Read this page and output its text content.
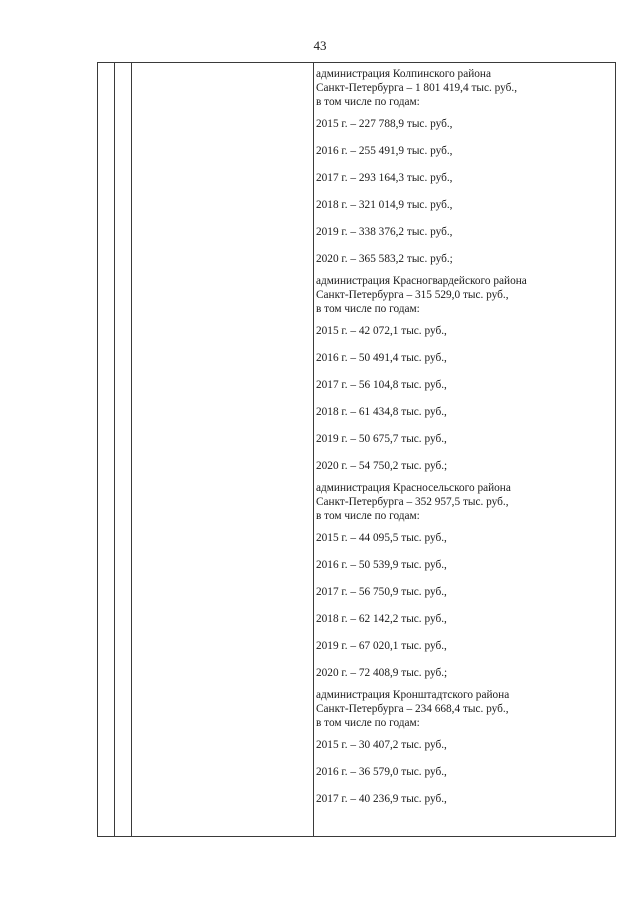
43

администрация Колпинского района

Санкт-Петербурга – 1 801 419,4 тыс. руб.,

в том числе по годам:

2015 г. – 227 788,9 тыс. руб.,

2016 г. – 255 491,9 тыс. руб.,

2017 г. – 293 164,3 тыс. руб.,

2018 г. – 321 014,9 тыс. руб.,

2019 г. – 338 376,2 тыс. руб.,

2020 г. – 365 583,2 тыс. руб.;

администрация Красногвардейского района

Санкт-Петербурга – 315 529,0 тыс. руб.,

в том числе по годам:

2015 г. – 42 072,1 тыс. руб.,

2016 г. – 50 491,4 тыс. руб.,

2017 г. – 56 104,8 тыс. руб.,

2018 г. – 61 434,8 тыс. руб.,

2019 г. – 50 675,7 тыс. руб.,

2020 г. – 54 750,2 тыс. руб.;

администрация Красносельского района

Санкт-Петербурга – 352 957,5 тыс. руб.,

в том числе по годам:

2015 г. – 44 095,5 тыс. руб.,

2016 г. – 50 539,9 тыс. руб.,

2017 г. – 56 750,9 тыс. руб.,

2018 г. – 62 142,2 тыс. руб.,

2019 г. – 67 020,1 тыс. руб.,

2020 г. – 72 408,9 тыс. руб.;

администрация Кронштадтского района

Санкт-Петербурга – 234 668,4 тыс. руб.,

в том числе по годам:

2015 г. – 30 407,2 тыс. руб.,

2016 г. – 36 579,0 тыс. руб.,

2017 г. – 40 236,9 тыс. руб.,
